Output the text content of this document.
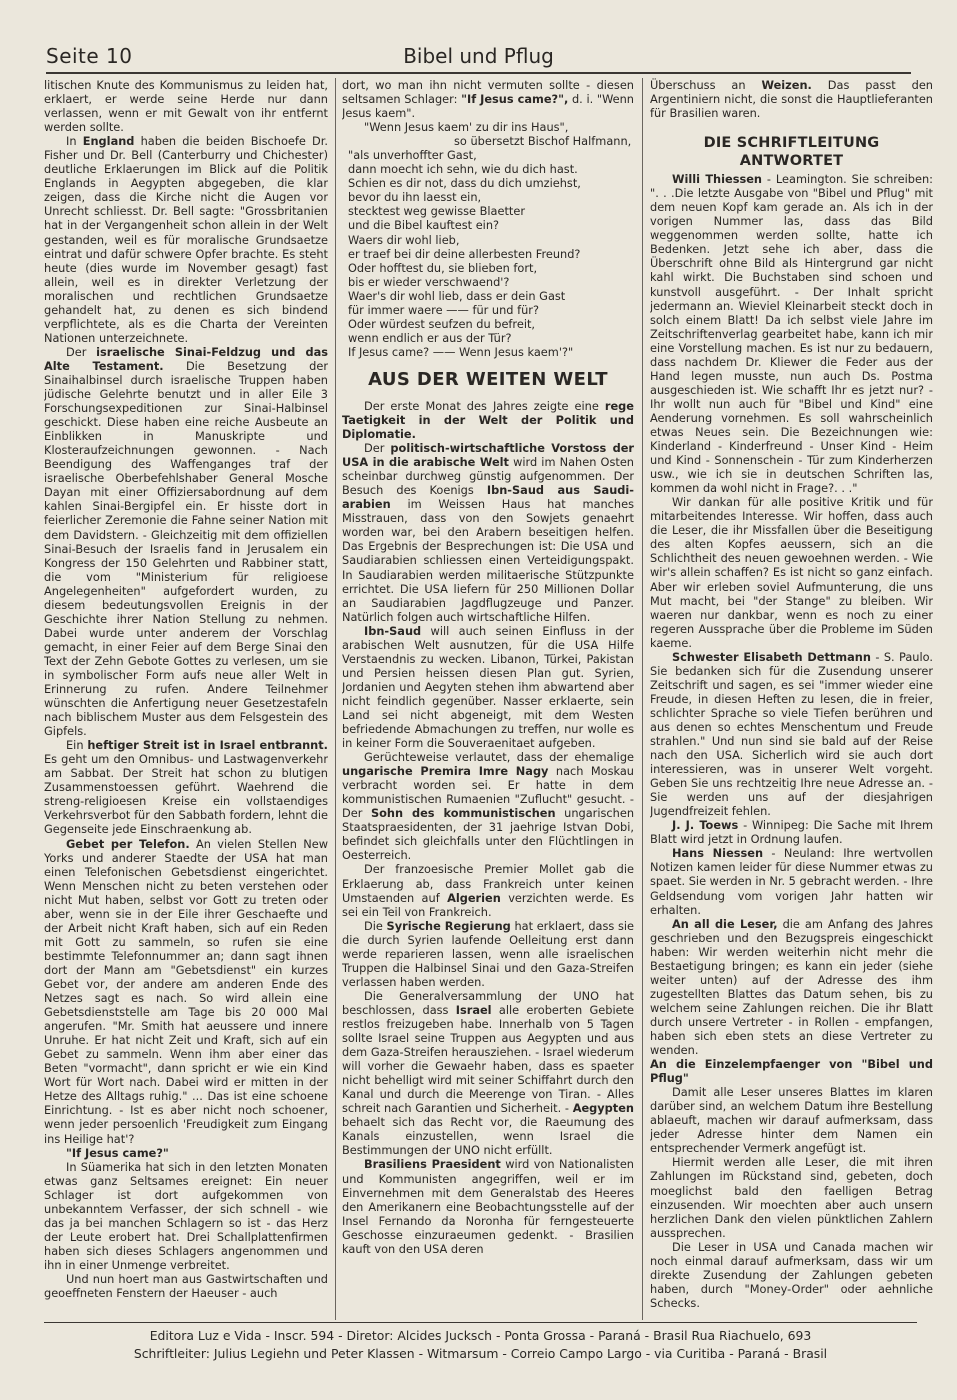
Seite 10	Bibel und Pflug

litischen Knute des Kommunismus zu leiden hat, erklaert, er werde seine Herde nur dann verlassen, wenn er mit Gewalt von ihr entfernt werden sollte.

In England haben die beiden Bischoefe Dr. Fisher und Dr. Bell (Canterburry und Chichester) deutliche Erklaerungen im Blick auf die Politik Englands in Aegypten abgegeben, die klar zeigen, dass die Kirche nicht die Augen vor Unrecht schliesst. Dr. Bell sagte: "Grossbritanien hat in der Vergangenheit schon allein in der Welt gestanden, weil es für moralische Grundsaetze eintrat und dafür schwere Opfer brachte. Es steht heute (dies wurde im November gesagt) fast allein, weil es in direkter Verletzung der moralischen und rechtlichen Grundsaetze gehandelt hat, zu denen es sich bindend verpflichtete, als es die Charta der Vereinten Nationen unterzeichnete.

Der israelische Sinai-Feldzug und das Alte Testament. Die Besetzung der Sinaihalbinsel durch israelische Truppen haben jüdische Gelehrte benutzt und in aller Eile 3 Forschungsexpeditionen zur Sinai-Halbinsel geschickt. Diese haben eine reiche Ausbeute an Einblikken in Manuskripte und Klosteraufzeichnungen gewonnen. - Nach Beendigung des Waffenganges traf der israelische Oberbefehlshaber General Mosche Dayan mit einer Offiziersabordnung auf dem kahlen Sinai-Bergipfel ein. Er hisste dort in feierlicher Zeremonie die Fahne seiner Nation mit dem Davidstern. - Gleichzeitig mit dem offiziellen Sinai-Besuch der Israelis fand in Jerusalem ein Kongress der 150 Gelehrten und Rabbiner statt, die vom "Ministerium für religioese Angelegenheiten" aufgefordert wurden, zu diesem bedeutungsvollen Ereignis in der Geschichte ihrer Nation Stellung zu nehmen. Dabei wurde unter anderem der Vorschlag gemacht, in einer Feier auf dem Berge Sinai den Text der Zehn Gebote Gottes zu verlesen, um sie in symbolischer Form aufs neue aller Welt in Erinnerung zu rufen. Andere Teilnehmer wünschten die Anfertigung neuer Gesetzestafeln nach biblischem Muster aus dem Felsgestein des Gipfels.

Ein heftiger Streit ist in Israel entbrannt. Es geht um den Omnibus- und Lastwagenverkehr am Sabbat. Der Streit hat schon zu blutigen Zusammenstoessen geführt. Waehrend die streng-religioesen Kreise ein vollstaendiges Verkehrsverbot für den Sabbath fordern, lehnt die Gegenseite jede Einschraenkung ab.

Gebet per Telefon. An vielen Stellen New Yorks und anderer Staedte der USA hat man einen Telefonischen Gebetsdienst eingerichtet. Wenn Menschen nicht zu beten verstehen oder nicht Mut haben, selbst vor Gott zu treten oder aber, wenn sie in der Eile ihrer Geschaefte und der Arbeit nicht Kraft haben, sich auf ein Reden mit Gott zu sammeln, so rufen sie eine bestimmte Telefonnummer an; dann sagt ihnen dort der Mann am "Gebetsdienst" ein kurzes Gebet vor, der andere am anderen Ende des Netzes sagt es nach. So wird allein eine Gebetsdienststelle am Tage bis 20 000 Mal angerufen. "Mr. Smith hat aeussere und innere Unruhe. Er hat nicht Zeit und Kraft, sich auf ein Gebet zu sammeln. Wenn ihm aber einer das Beten "vormacht", dann spricht er wie ein Kind Wort für Wort nach. Dabei wird er mitten in der Hetze des Alltags ruhig." ... Das ist eine schoene Einrichtung. - Ist es aber nicht noch schoener, wenn jeder persoenlich 'Freudigkeit zum Eingang ins Heilige hat'?

"If Jesus came?"

In Süamerika hat sich in den letzten Monaten etwas ganz Seltsames ereignet: Ein neuer Schlager ist dort aufgekommen von unbekanntem Verfasser, der sich schnell - wie das ja bei manchen Schlagern so ist - das Herz der Leute erobert hat. Drei Schallplattenfirmen haben sich dieses Schlagers angenommen und ihn in einer Unmenge verbreitet.

Und nun hoert man aus Gastwirtschaften und geoeffneten Fenstern der Haeuser - auch

dort, wo man ihn nicht vermuten sollte - diesen seltsamen Schlager: "If Jesus came?", d. i. "Wenn Jesus kaem".

"Wenn Jesus kaem' zu dir ins Haus",
so übersetzt Bischof Halfmann,
"als unverhoffter Gast,
dann moecht ich sehn, wie du dich hast.
Schien es dir not, dass du dich umziehst,
bevor du ihn laesst ein,
stecktest weg gewisse Blaetter
und die Bibel kauftest ein?
Waers dir wohl lieb,
er traef bei dir deine allerbesten Freund?
Oder hofftest du, sie blieben fort,
bis er wieder verschwaend'?
Waer's dir wohl lieb, dass er dein Gast
für immer waere —— für und für?
Oder würdest seufzen du befreit,
wenn endlich er aus der Tür?
If Jesus came? —— Wenn Jesus kaem'?"
AUS DER WEITEN WELT

Der erste Monat des Jahres zeigte eine rege Taetigkeit in der Welt der Politik und Diplomatie.

Der politisch-wirtschaftliche Vorstoss der USA in die arabische Welt wird im Nahen Osten scheinbar durchweg günstig aufgenommen. Der Besuch des Koenigs Ibn-Saud aus Saudi-arabien im Weissen Haus hat manches Misstrauen, dass von den Sowjets genaehrt worden war, bei den Arabern beseitigen helfen. Das Ergebnis der Besprechungen ist: Die USA und Saudiarabien schliessen einen Verteidigungspakt. In Saudiarabien werden militaerische Stützpunkte errichtet. Die USA liefern für 250 Millionen Dollar an Saudiarabien Jagdflugzeuge und Panzer. Natürlich folgen auch wirtschaftliche Hilfen.

Ibn-Saud will auch seinen Einfluss in der arabischen Welt ausnutzen, für die USA Hilfe Verstaendnis zu wecken. Libanon, Türkei, Pakistan und Persien heissen diesen Plan gut. Syrien, Jordanien und Aegyten stehen ihm abwartend aber nicht feindlich gegenüber. Nasser erklaerte, sein Land sei nicht abgeneigt, mit dem Westen befriedende Abmachungen zu treffen, nur wolle es in keiner Form die Souveraenitaet aufgeben.

Gerüchteweise verlautet, dass der ehemalige ungarische Premira Imre Nagy nach Moskau verbracht worden sei. Er hatte in dem kommunistischen Rumaenien "Zuflucht" gesucht. - Der Sohn des kommunistischen ungarischen Staatspraesidenten, der 31 jaehrige Istvan Dobi, befindet sich gleichfalls unter den Flüchtlingen in Oesterreich.

Der franzoesische Premier Mollet gab die Erklaerung ab, dass Frankreich unter keinen Umstaenden auf Algerien verzichten werde. Es sei ein Teil von Frankreich.

Die Syrische Regierung hat erklaert, dass sie die durch Syrien laufende Oelleitung erst dann werde reparieren lassen, wenn alle israelischen Truppen die Halbinsel Sinai und den Gaza-Streifen verlassen haben werden.

Die Generalversammlung der UNO hat beschlossen, dass Israel alle eroberten Gebiete restlos freizugeben habe. Innerhalb von 5 Tagen sollte Israel seine Truppen aus Aegypten und aus dem Gaza-Streifen herausziehen. - Israel wiederum will vorher die Gewaehr haben, dass es spaeter nicht behelligt wird mit seiner Schiffahrt durch den Kanal und durch die Meerenge von Tiran. - Alles schreit nach Garantien und Sicherheit. - Aegypten behaelt sich das Recht vor, die Raeumung des Kanals einzustellen, wenn Israel die Bestimmungen der UNO nicht erfüllt.

Brasiliens Praesident wird von Nationalisten und Kommunisten angegriffen, weil er im Einvernehmen mit dem Generalstab des Heeres den Amerikanern eine Beobachtungsstelle auf der Insel Fernando da Noronha für ferngesteuerte Geschosse einzuraeumen gedenkt. - Brasilien kauft von den USA deren

Überschuss an Weizen. Das passt den Argentiniern nicht, die sonst die Hauptlieferanten für Brasilien waren.

DIE SCHRIFTLEITUNG ANTWORTET

Willi Thiessen - Leamington. Sie schreiben: ". . .Die letzte Ausgabe von "Bibel und Pflug" mit dem neuen Kopf kam gerade an. Als ich in der vorigen Nummer las, dass das Bild weggenommen werden sollte, hatte ich Bedenken. Jetzt sehe ich aber, dass die Überschrift ohne Bild als Hintergrund gar nicht kahl wirkt. Die Buchstaben sind schoen und kunstvoll ausgeführt. - Der Inhalt spricht jedermann an. Wieviel Kleinarbeit steckt doch in solch einem Blatt! Da ich selbst viele Jahre im Zeitschriftenverlag gearbeitet habe, kann ich mir eine Vorstellung machen. Es ist nur zu bedauern, dass nachdem Dr. Kliewer die Feder aus der Hand legen musste, nun auch Ds. Postma ausgeschieden ist. Wie schafft Ihr es jetzt nur? - Ihr wollt nun auch für "Bibel und Kind" eine Aenderung vornehmen. Es soll wahrscheinlich etwas Neues sein. Die Bezeichnungen wie: Kinderland - Kinderfreund - Unser Kind - Heim und Kind - Sonnenschein - Tür zum Kinderherzen usw., wie ich sie in deutschen Schriften las, kommen da wohl nicht in Frage?. . ."

Wir dankan für alle positive Kritik und für mitarbeitendes Interesse. Wir hoffen, dass auch die Leser, die ihr Missfallen über die Beseitigung des alten Kopfes aeussern, sich an die Schlichtheit des neuen gewoehnen werden. - Wie wir's allein schaffen? Es ist nicht so ganz einfach. Aber wir erleben soviel Aufmunterung, die uns Mut macht, bei "der Stange" zu bleiben. Wir waeren nur dankbar, wenn es noch zu einer regeren Aussprache über die Probleme im Süden kaeme.

Schwester Elisabeth Dettmann - S. Paulo. Sie bedanken sich für die Zusendung unserer Zeitschrift und sagen, es sei "immer wieder eine Freude, in diesen Heften zu lesen, die in freier, schlichter Sprache so viele Tiefen berühren und aus denen so echtes Menschentum und Freude strahlen." Und nun sind sie bald auf der Reise nach den USA. Sicherlich wird sie auch dort interessieren, was in unserer Welt vorgeht. Geben Sie uns rechtzeitig Ihre neue Adresse an. - Sie werden uns auf der diesjahrigen Jugendfreizeit fehlen.

J. J. Toews - Winnipeg: Die Sache mit Ihrem Blatt wird jetzt in Ordnung laufen.

Hans Niessen - Neuland: Ihre wertvollen Notizen kamen leider für diese Nummer etwas zu spaet. Sie werden in Nr. 5 gebracht werden. - Ihre Geldsendung vom vorigen Jahr hatten wir erhalten.

An all die Leser, die am Anfang des Jahres geschrieben und den Bezugspreis eingeschickt haben: Wir werden weiterhin nicht mehr die Bestaetigung bringen; es kann ein jeder (siehe weiter unten) auf der Adresse des ihm zugestellten Blattes das Datum sehen, bis zu welchem seine Zahlungen reichen. Die ihr Blatt durch unsere Vertreter - in Rollen - empfangen, haben sich eben stets an diese Vertreter zu wenden.

An die Einzelempfaenger von "Bibel und Pflug"

Damit alle Leser unseres Blattes im klaren darüber sind, an welchem Datum ihre Bestellung ablaeuft, machen wir darauf aufmerksam, dass jeder Adresse hinter dem Namen ein entsprechender Vermerk angefügt ist.

Hiermit werden alle Leser, die mit ihren Zahlungen im Rückstand sind, gebeten, doch moeglichst bald den faelligen Betrag einzusenden. Wir moechten aber auch unsern herzlichen Dank den vielen pünktlichen Zahlern aussprechen.

Die Leser in USA und Canada machen wir noch einmal darauf aufmerksam, dass wir um direkte Zusendung der Zahlungen gebeten haben, durch "Money-Order" oder aehnliche Schecks.

Editora Luz e Vida - Inscr. 594 - Diretor: Alcides Jucksch - Ponta Grossa - Paraná - Brasil Rua Riachuelo, 693
Schriftleiter: Julius Legiehn und Peter Klassen - Witmarsum - Correio Campo Largo - via Curitiba - Paraná - Brasil
